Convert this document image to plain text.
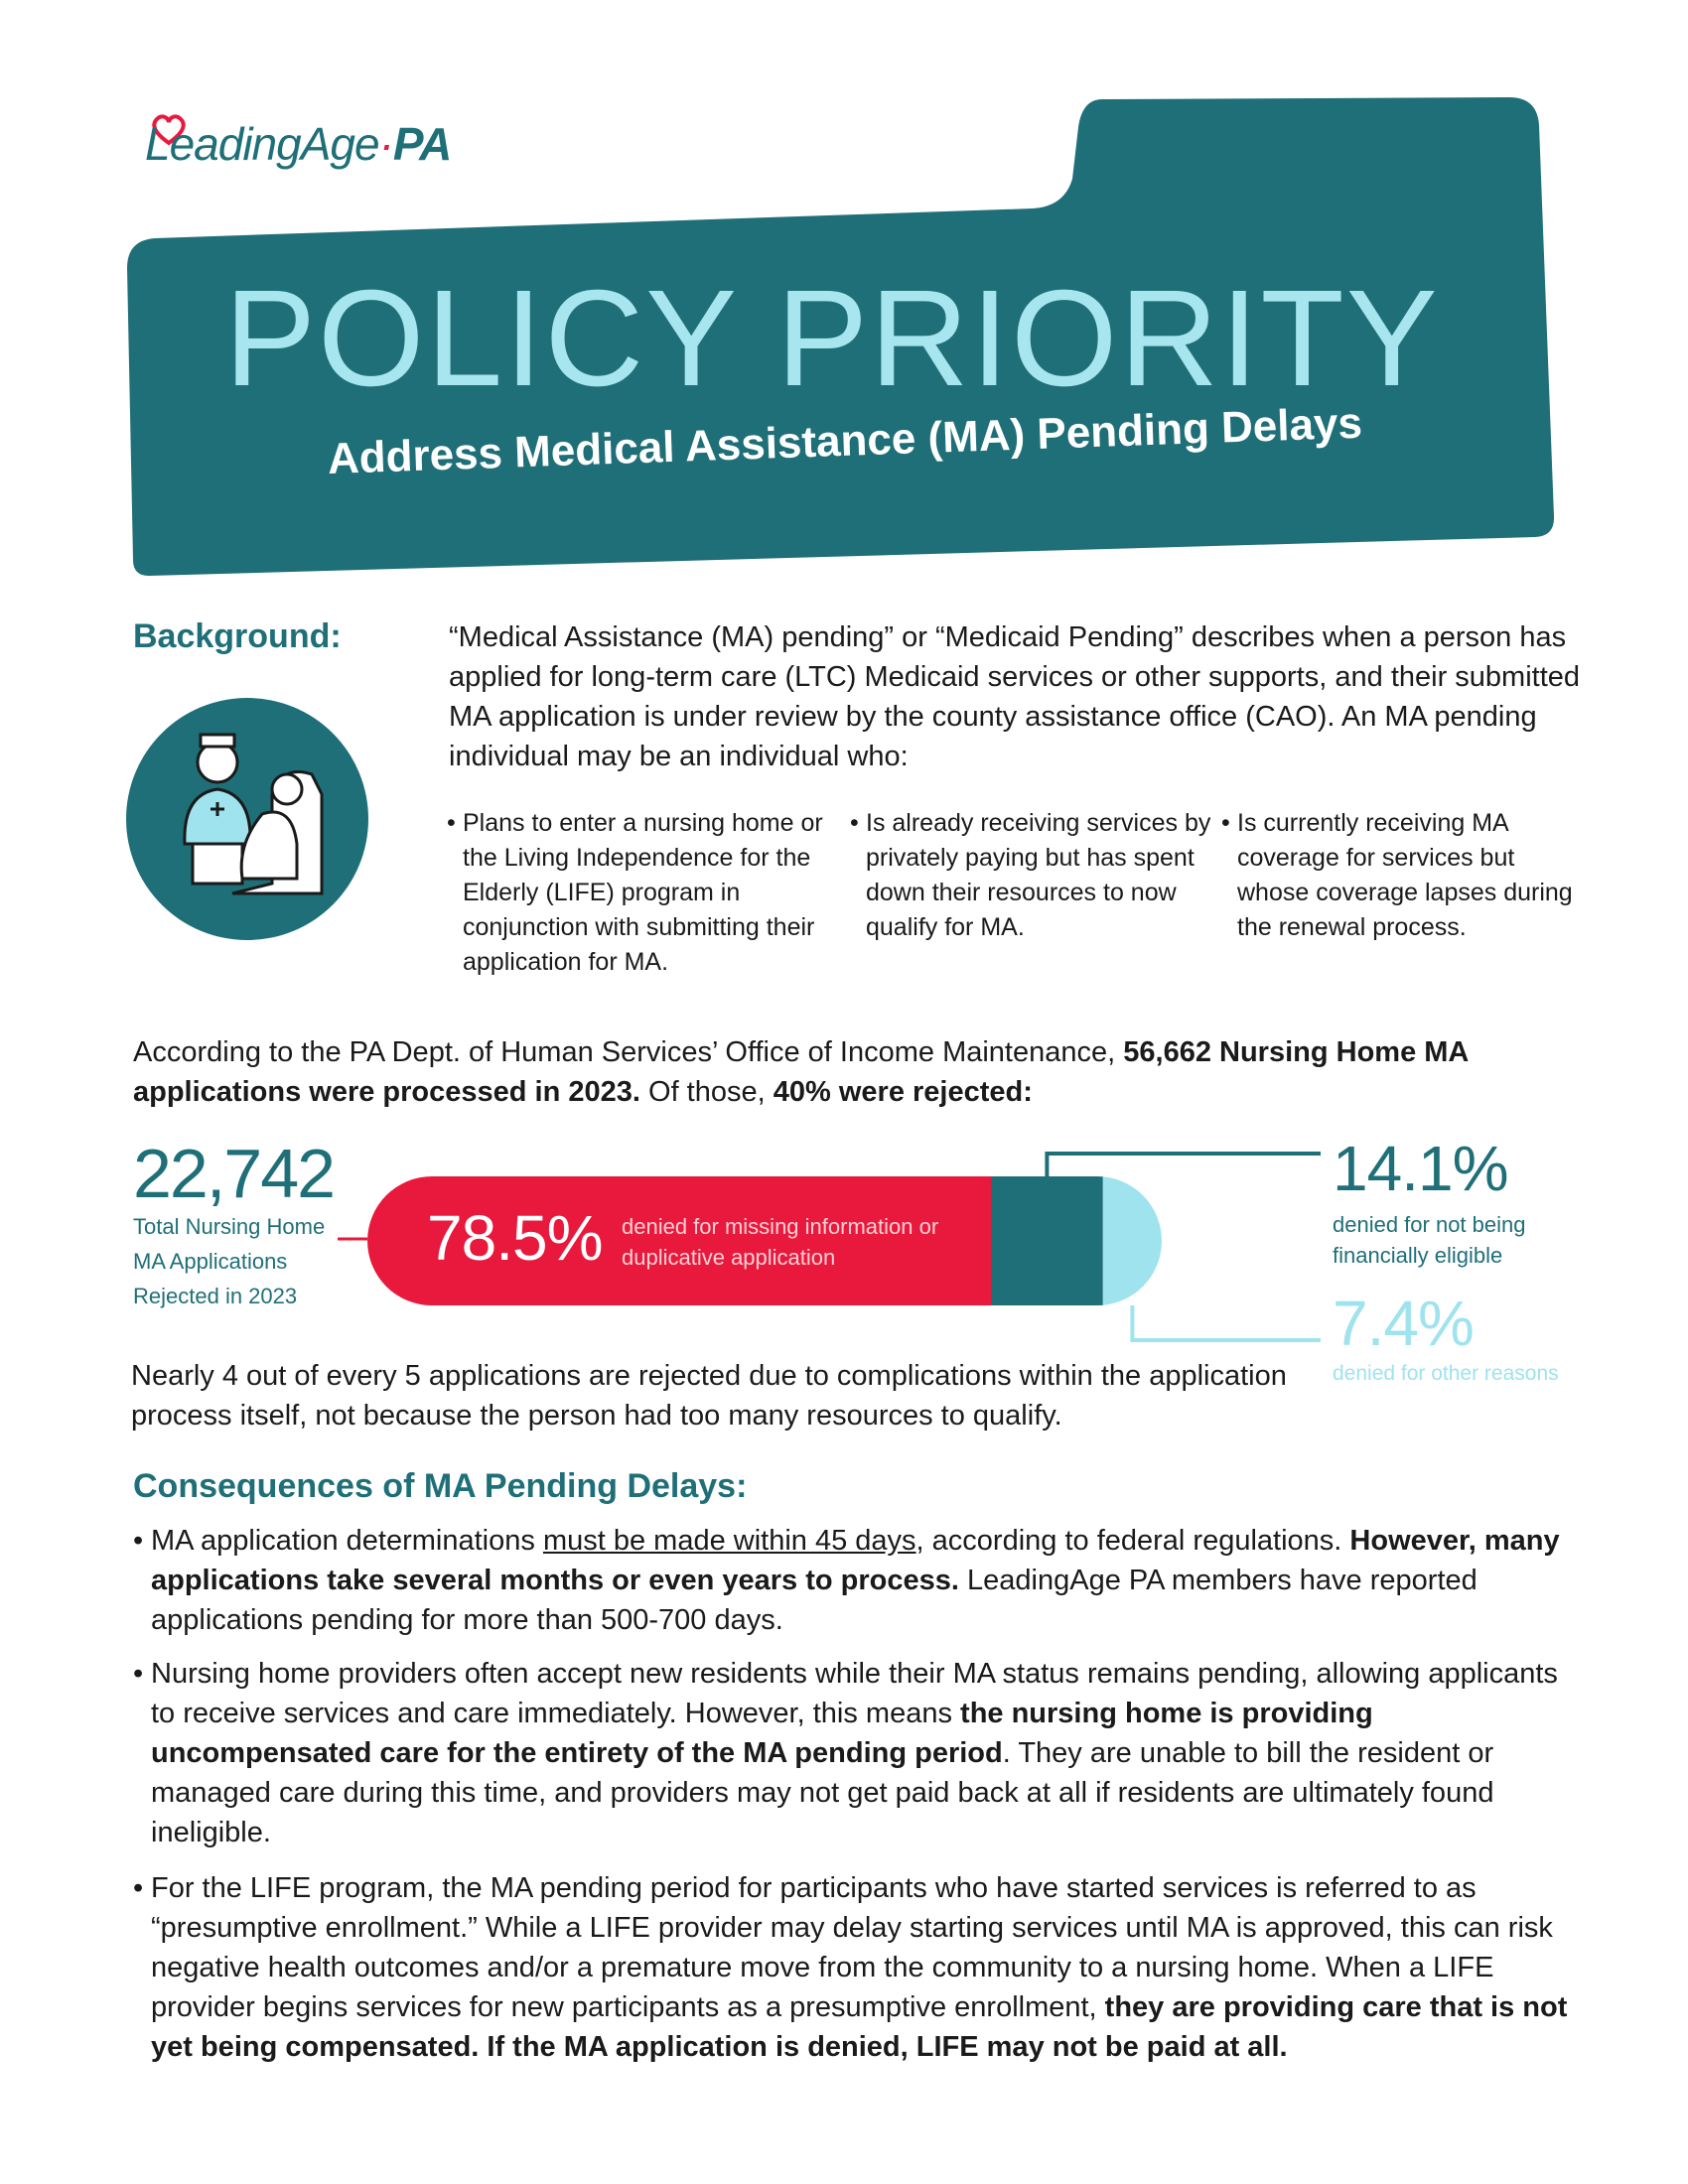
LeadingAge·PA
POLICY PRIORITY
Address Medical Assistance (MA) Pending Delays
Background:	“Medical Assistance (MA) pending” or “Medicaid Pending” describes when a person has applied for long-term care (LTC) Medicaid services or other supports, and their submitted MA application is under review by the county assistance office (CAO). An MA pending individual may be an individual who:
• Plans to enter a nursing home or the Living Independence for the Elderly (LIFE) program in conjunction with submitting their application for MA.
• Is already receiving services by privately paying but has spent down their resources to now qualify for MA.
• Is currently receiving MA coverage for services but whose coverage lapses during the renewal process.
According to the PA Dept. of Human Services’ Office of Income Maintenance, 56,662 Nursing Home MA applications were processed in 2023. Of those, 40% were rejected:
22,742
Total Nursing Home MA Applications Rejected in 2023
78.5% denied for missing information or duplicative application
14.1%
denied for not being financially eligible
7.4%
denied for other reasons
Nearly 4 out of every 5 applications are rejected due to complications within the application process itself, not because the person had too many resources to qualify.
Consequences of MA Pending Delays:
• MA application determinations must be made within 45 days, according to federal regulations. However, many applications take several months or even years to process. LeadingAge PA members have reported applications pending for more than 500-700 days.
• Nursing home providers often accept new residents while their MA status remains pending, allowing applicants to receive services and care immediately. However, this means the nursing home is providing uncompensated care for the entirety of the MA pending period. They are unable to bill the resident or managed care during this time, and providers may not get paid back at all if residents are ultimately found ineligible.
• For the LIFE program, the MA pending period for participants who have started services is referred to as “presumptive enrollment.” While a LIFE provider may delay starting services until MA is approved, this can risk negative health outcomes and/or a premature move from the community to a nursing home. When a LIFE provider begins services for new participants as a presumptive enrollment, they are providing care that is not yet being compensated. If the MA application is denied, LIFE may not be paid at all.
